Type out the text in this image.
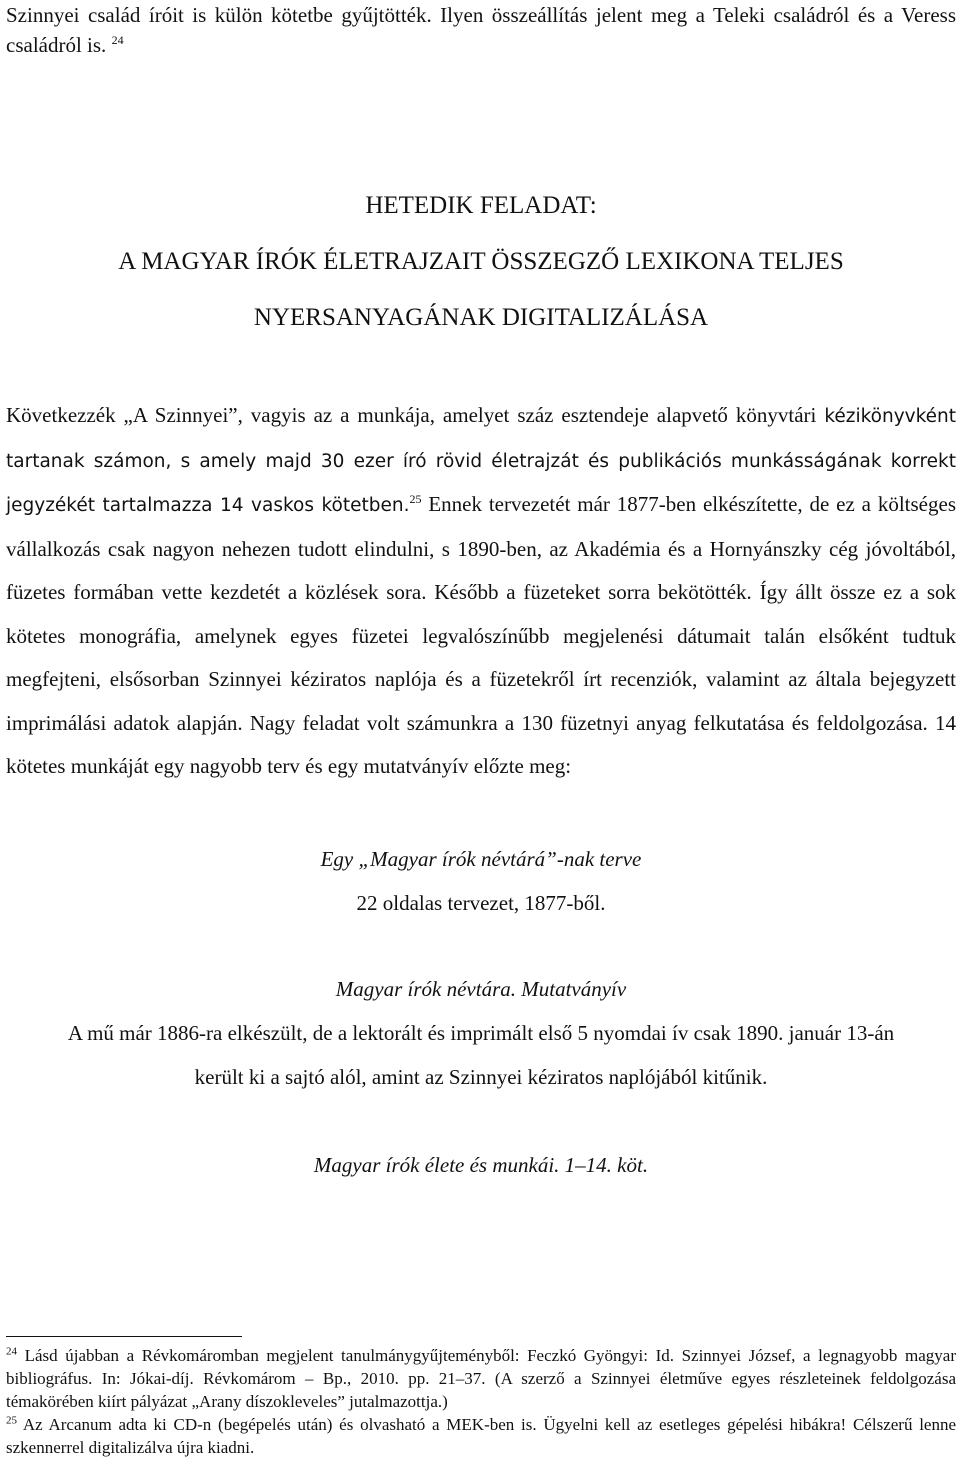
Szinnyei család íróit is külön kötetbe gyűjtötték. Ilyen összeállítás jelent meg a Teleki családról és a Veress családról is. $^{24}$

HETEDIK FELADAT:
A MAGYAR ÍRÓK ÉLETRAJZAIT ÖSSZEGZŐ LEXIKONA TELJES
NYERSANYAGÁNAK DIGITALIZÁLÁSA

Következzék „A Szinnyei”, vagyis az a munkája, amelyet száz esztendeje alapvető könyvtári kézikönyvként tartanak számon, s amely majd 30 ezer író rövid életrajzát és publikációs munkásságának korrekt jegyzékét tartalmazza 14 vaskos kötetben.$^{25}$ Ennek tervezetét már 1877-ben elkészítette, de ez a költséges vállalkozás csak nagyon nehezen tudott elindulni, s 1890-ben, az Akadémia és a Hornyánszky cég jóvoltából, füzetes formában vette kezdetét a közlések sora. Később a füzeteket sorra bekötötték. Így állt össze ez a sok kötetes monográfia, amelynek egyes füzetei legvalószínűbb megjelenési dátumait talán elsőként tudtuk megfejteni, elsősorban Szinnyei kéziratos naplója és a füzetekről írt recenziók, valamint az általa bejegyzett imprimálási adatok alapján. Nagy feladat volt számunkra a 130 füzetnyi anyag felkutatása és feldolgozása. 14 kötetes munkáját egy nagyobb terv és egy mutatványív előzte meg:

Egy „Magyar írók névtárá”-nak terve
22 oldalas tervezet, 1877-ből.
Magyar írók névtára. Mutatványív
A mű már 1886-ra elkészült, de a lektorált és imprimált első 5 nyomdai ív csak 1890. január 13-án került ki a sajtó alól, amint az Szinnyei kéziratos naplójából kitűnik.
Magyar írók élete és munkái. 1–14. köt.

$^{24}$ Lásd újabban a Révkomáromban megjelent tanulmánygyűjteményből: Feczkó Gyöngyi: Id. Szinnyei József, a legnagyobb magyar bibliográfus. In: Jókai-díj. Révkomárom – Bp., 2010. pp. 21–37. (A szerző a Szinnyei életművе egyes részleteinek feldolgozása témakörében kiírt pályázat „Arany díszokleveles” jutalmazottja.)

$^{25}$ Az Arcanum adta ki CD-n (begépelés után) és olvasható a MEK-ben is. Ügyelni kell az esetleges gépelési hibákra! Célszerű lenne szkennerrel digitalizálva újra kiadni.
